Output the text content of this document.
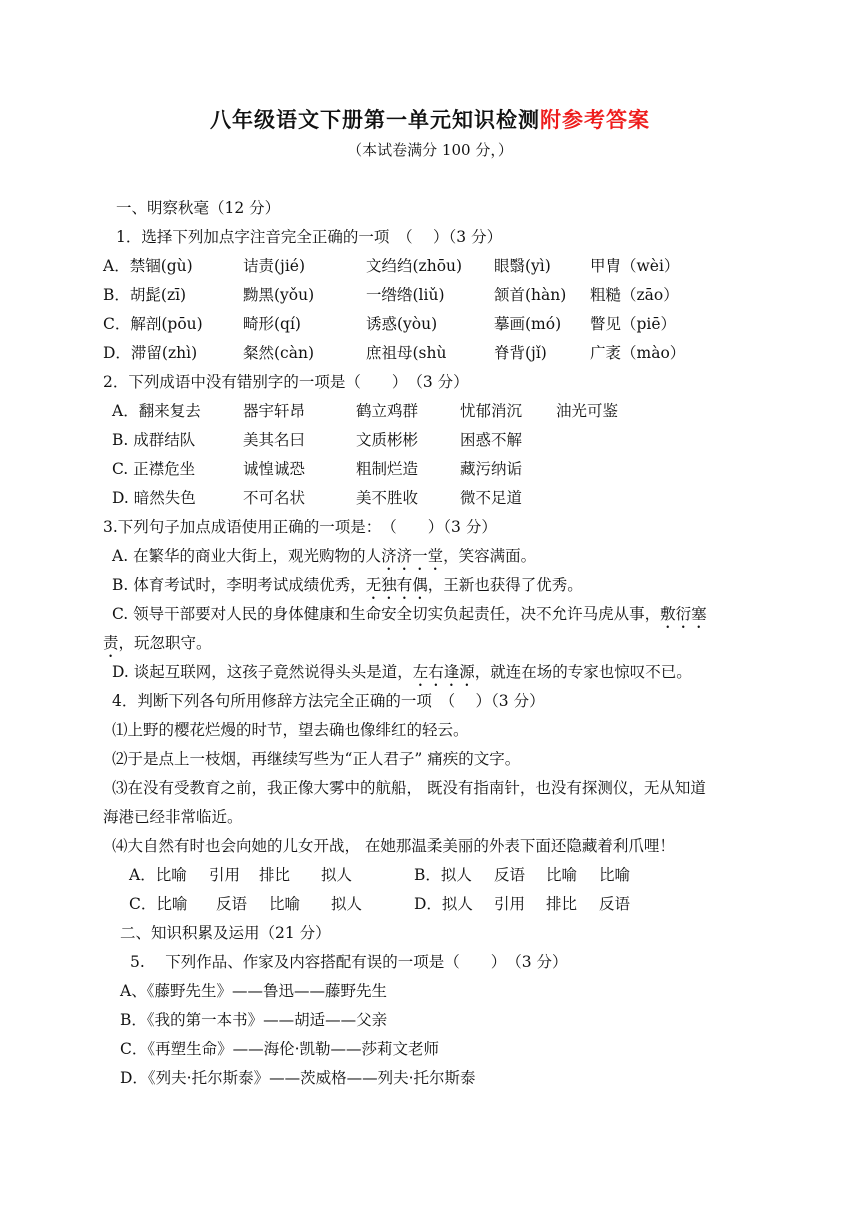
八年级语文下册第一单元知识检测附参考答案
（本试卷满分 100 分，）
一、明察秋毫（12 分）
1．选择下列加点字注音完全正确的一项　（　 ）（3 分）
A．禁锢(gù)	诘责(jié)	文绉绉(zhōu) 眼翳(yì)	甲胄（wèi）
B．胡髭(zī)	黝黑(yǒu)	一绺绺(liǔ)	颔首(hàn) 粗糙（zāo）
C．解剖(pōu)	畸形(qí)	诱惑(yòu)	摹画(mó) 瞥见（piē）
D．滞留(zhì)	粲然(càn)	庶祖母(shù	脊背(jǐ)	广袤（mào）
2．下列成语中没有错别字的一项是（　　）　（3 分）
A．翻来复去	器宇轩昂	鹤立鸡群	忧郁消沉 油光可鉴
B. 成群结队	美其名曰	文质彬彬	困惑不解
C. 正襟危坐	诚惶诚恐	粗制烂造	藏污纳诟
D. 暗然失色	不可名状	美不胜收	微不足道
3.下列句子加点成语使用正确的一项是：　（　　）（3 分）
A. 在繁华的商业大街上，观光购物的人济济一堂，笑容满面。
B. 体育考试时，李明考试成绩优秀，无独有偶，王新也获得了优秀。
C. 领导干部要对人民的身体健康和生命安全切实负起责任，决不允许马虎从事，敷衍塞
责，玩忽职守。
D. 谈起互联网，这孩子竟然说得头头是道，左右逢源，就连在场的专家也惊叹不已。
4．判断下列各句所用修辞方法完全正确的一项　（　 ）（3 分）
⑴上野的樱花烂熳的时节，望去确也像绯红的轻云。
⑵于是点上一枝烟，再继续写些为“正人君子” 痛疾的文字。
⑶在没有受教育之前，我正像大雾中的航船， 既没有指南针，也没有探测仪，无从知道
海港已经非常临近。
⑷大自然有时也会向她的儿女开战， 在她那温柔美丽的外表下面还隐藏着利爪哩！
A．比喻 引用 排比 拟人	B．拟人 反语 比喻 比喻
C．比喻 反语 比喻 拟人	D．拟人 引用 排比 反语
二、知识积累及运用（21 分）
5.　 下列作品、作家及内容搭配有误的一项是（　　）　（3 分）
A、《藤野先生》——鲁迅——藤野先生
B．《我的第一本书》——胡适——父亲
C．《再塑生命》——海伦·凯勒——莎莉文老师
D．《列夫·托尔斯泰》——茨威格——列夫·托尔斯泰
